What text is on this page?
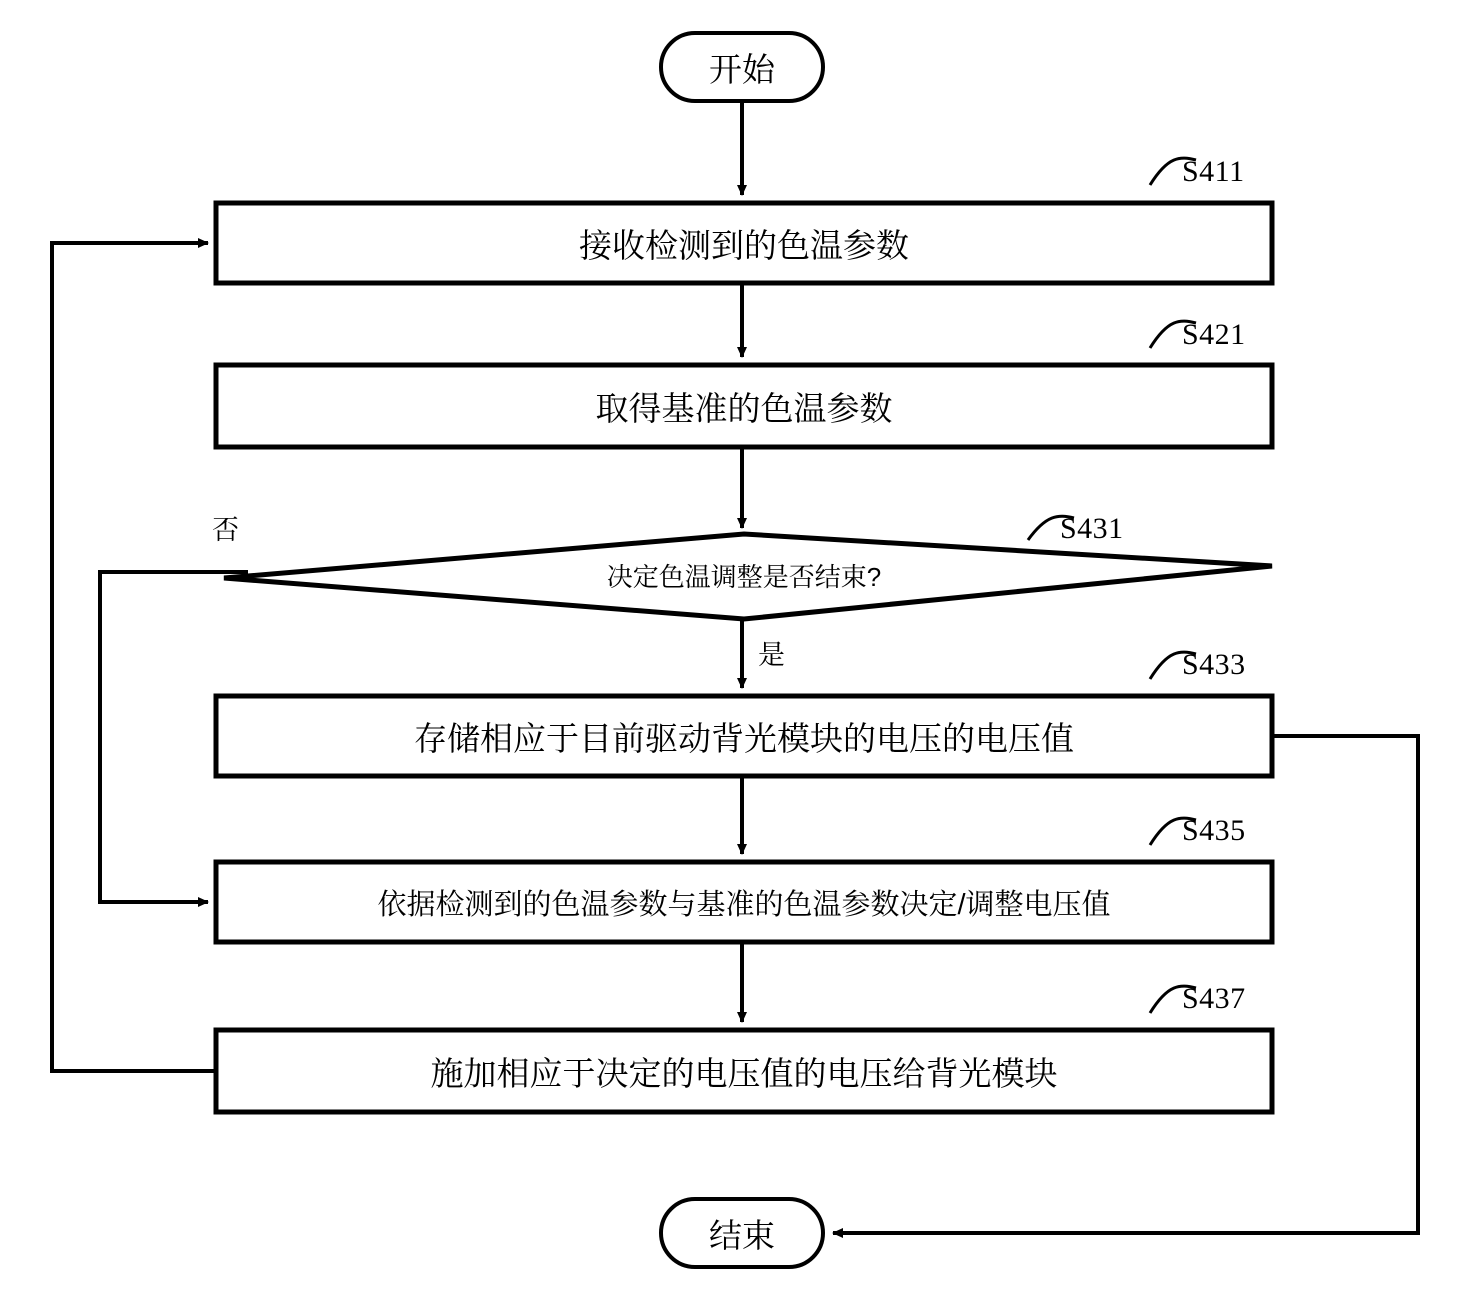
开始
接收检测到的色温参数
取得基准的色温参数
决定色温调整是否结束?
存储相应于目前驱动背光模块的电压的电压值
依据检测到的色温参数与基准的色温参数决定/调整电压值
施加相应于决定的电压值的电压给背光模块
结束
S411
S421
S431
S433
S435
S437
否
是
